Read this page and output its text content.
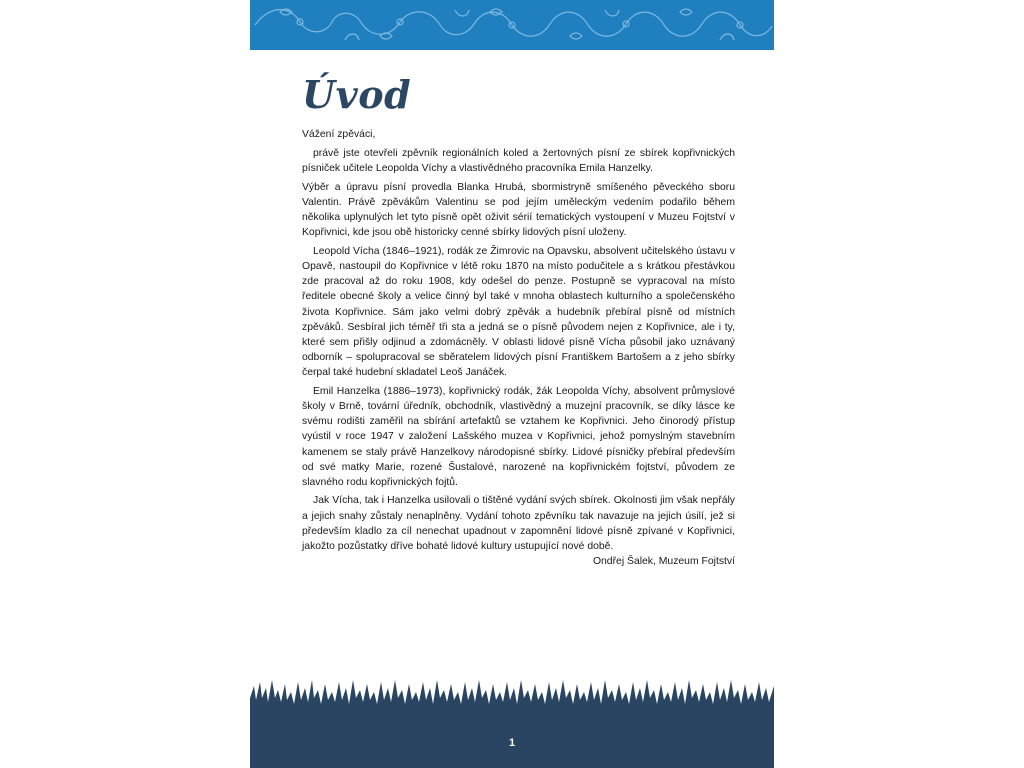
Úvod

Vážení zpěváci,

právě jste otevřeli zpěvník regionálních koled a žertovných písní ze sbírek kopřivnických písniček učitele Leopolda Víchy a vlastivědného pracovníka Emila Hanzelky.

Výběr a úpravu písní provedla Blanka Hrubá, sbormistryně smíšeného pěveckého sboru Valentin. Právě zpěvákům Valentinu se pod jejím uměleckým vedením podařilo během několika uplynulých let tyto písně opět oživit sérií tematických vystoupení v Muzeu Fojtství v Kopřivnici, kde jsou obě historicky cenné sbírky lidových písní uloženy.

Leopold Vícha (1846–1921), rodák ze Žimrovic na Opavsku, absolvent učitelského ústavu v Opavě, nastoupil do Kopřivnice v létě roku 1870 na místo podučitele a s krátkou přestávkou zde pracoval až do roku 1908, kdy odešel do penze. Postupně se vypracoval na místo ředitele obecné školy a velice činný byl také v mnoha oblastech kulturního a společenského života Kopřivnice. Sám jako velmi dobrý zpěvák a hudebník přebíral písně od místních zpěváků. Sesbíral jich téměř tři sta a jedná se o písně původem nejen z Kopřivnice, ale i ty, které sem přišly odjinud a zdomácněly. V oblasti lidové písně Vícha působil jako uznávaný odborník – spolupracoval se sběratelem lidových písní Františkem Bartošem a z jeho sbírky čerpal také hudební skladatel Leoš Janáček.

Emil Hanzelka (1886–1973), kopřivnický rodák, žák Leopolda Víchy, absolvent průmyslové školy v Brně, tovární úředník, obchodník, vlastivědný a muzejní pracovník, se díky lásce ke svému rodišti zaměřil na sbírání artefaktů se vztahem ke Kopřivnici. Jeho činorodý přístup vyústil v roce 1947 v založení Lašského muzea v Kopřivnici, jehož pomyslným stavebním kamenem se staly právě Hanzelkovy národopisné sbírky. Lidové písničky přebíral především od své matky Marie, rozené Šustalové, narozené na kopřivnickém fojtství, původem ze slavného rodu kopřivnických fojtů.

Jak Vícha, tak i Hanzelka usilovali o tištěné vydání svých sbírek. Okolnosti jim však nepřály a jejich snahy zůstaly nenaplněny. Vydání tohoto zpěvníku tak navazuje na jejich úsilí, jež si především kladlo za cíl nenechat upadnout v zapomnění lidové písně zpívané v Kopřivnici, jakožto pozůstatky dříve bohaté lidové kultury ustupující nové době.

Ondřej Šalek, Muzeum Fojtství
1
